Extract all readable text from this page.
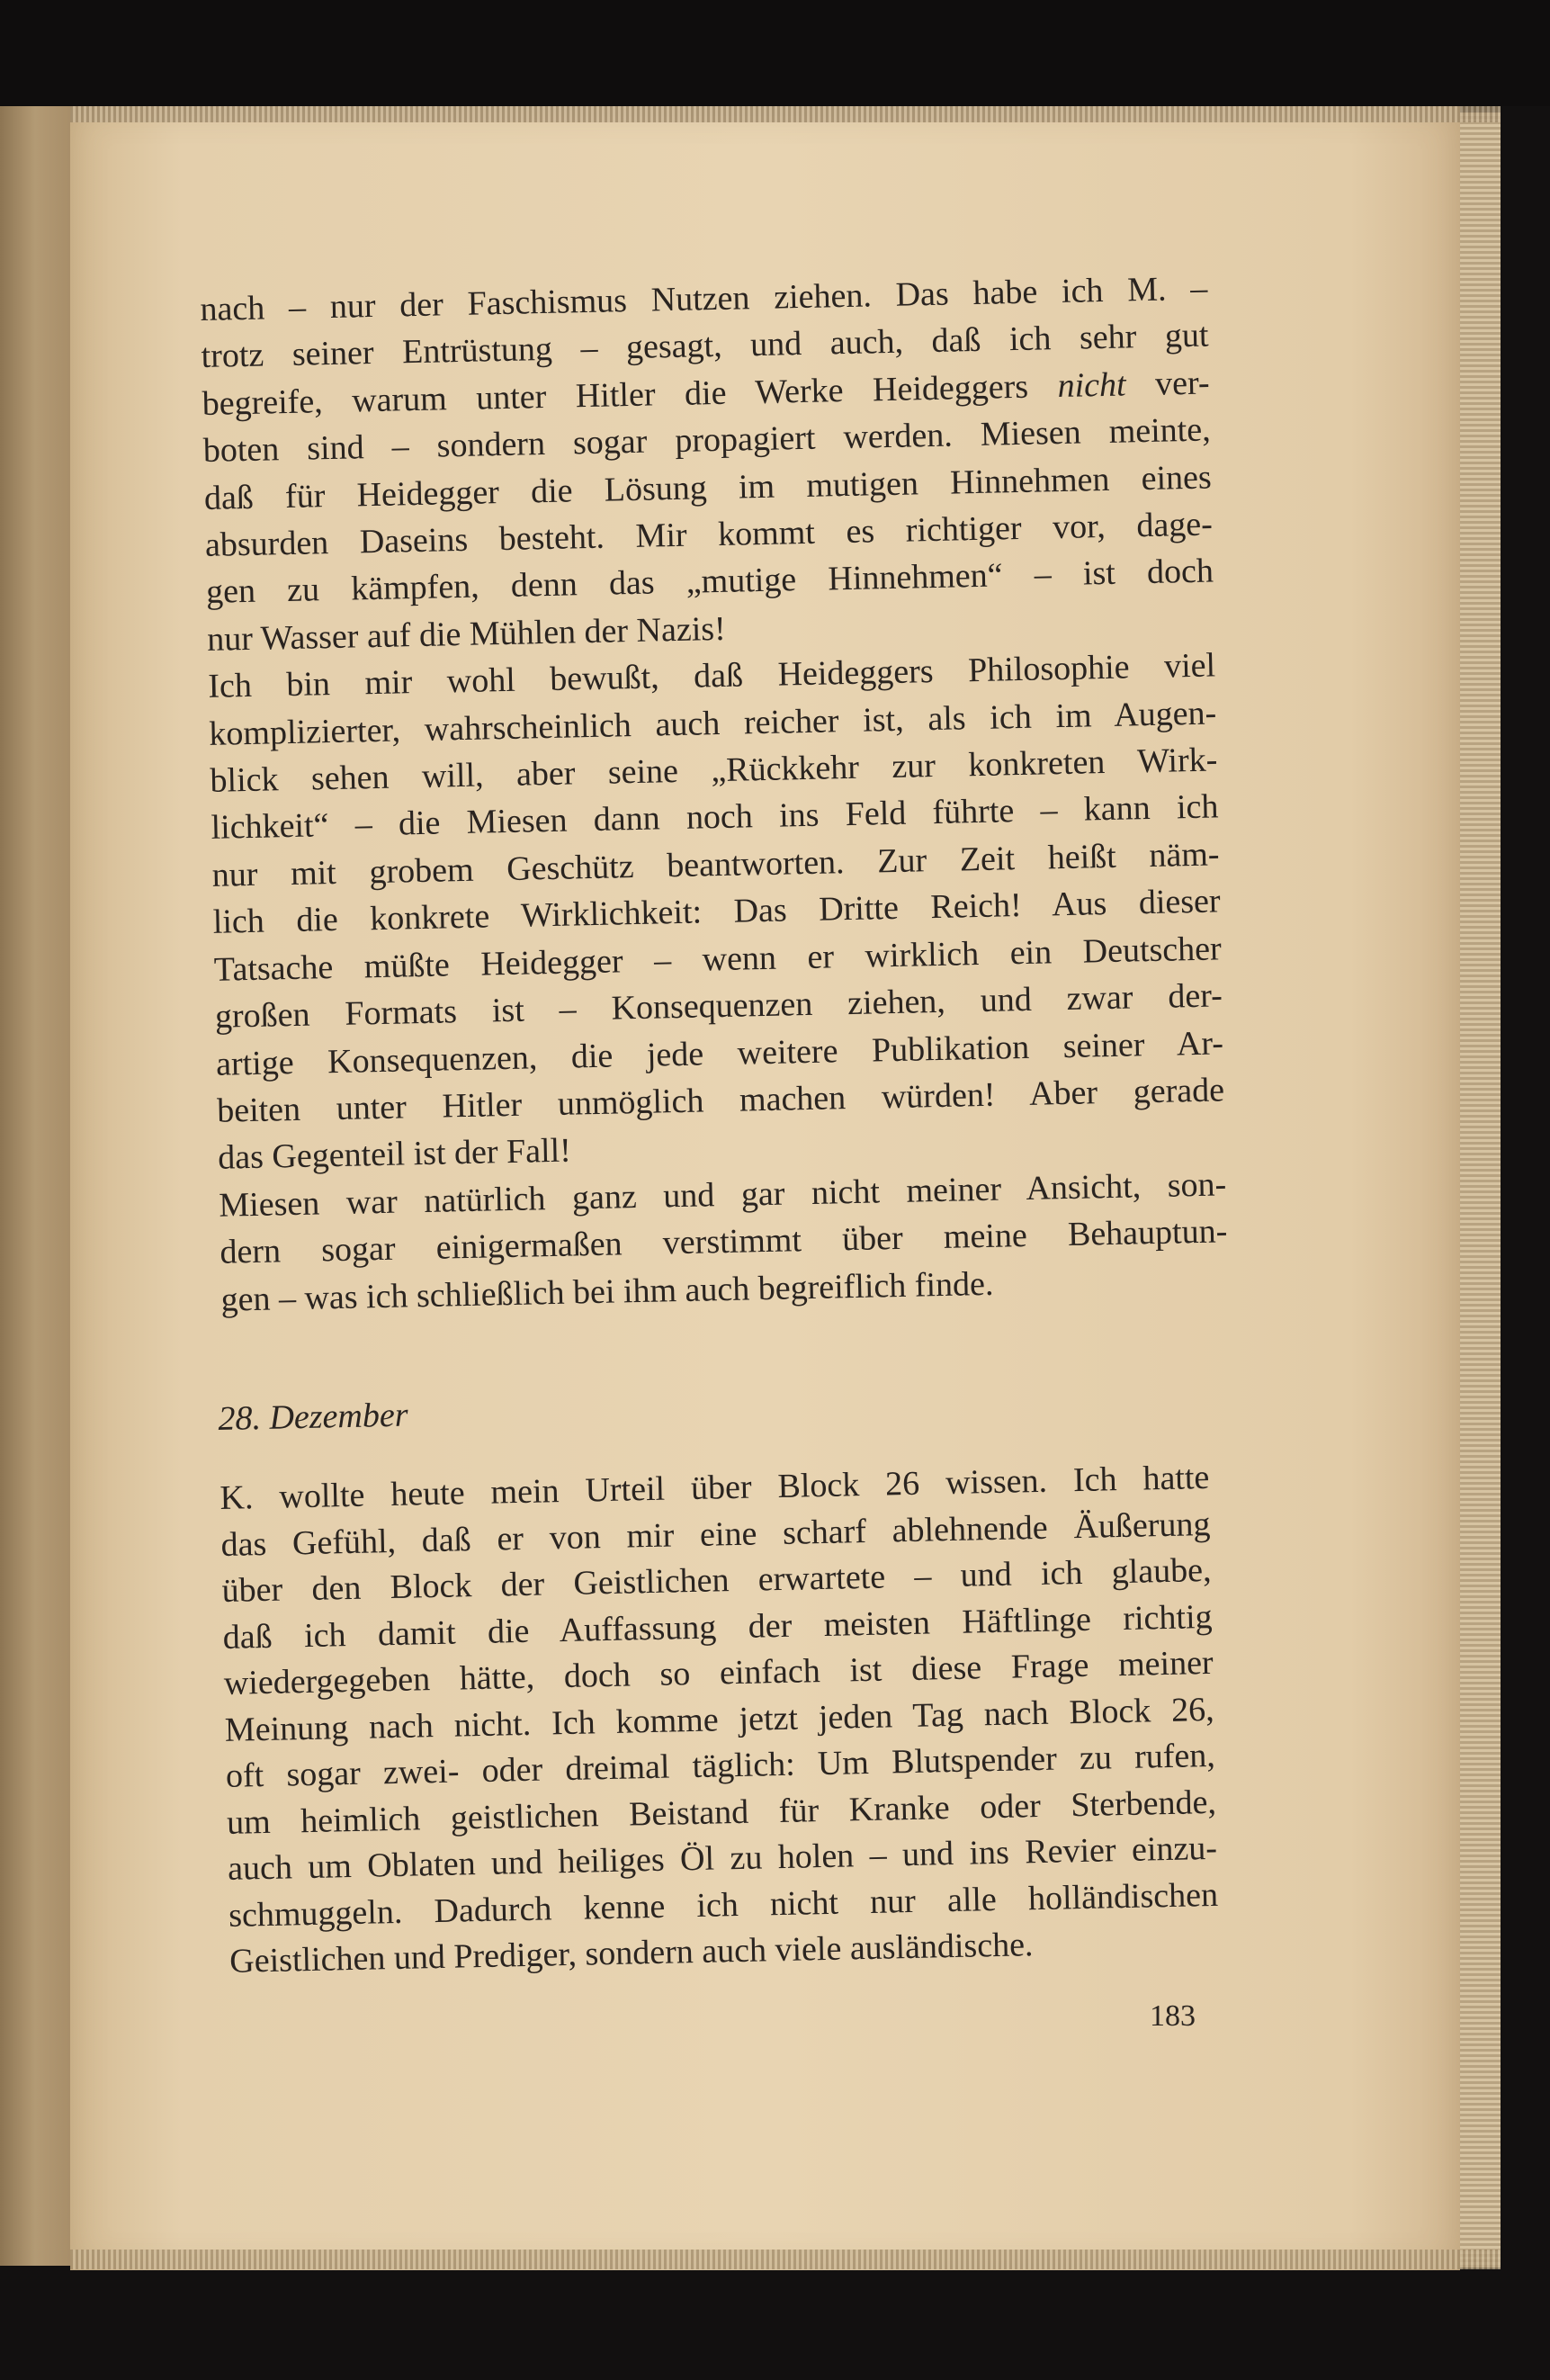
nach – nur der Faschismus Nutzen ziehen. Das habe ich M. –
trotz seiner Entrüstung – gesagt, und auch, daß ich sehr gut
begreife, warum unter Hitler die Werke Heideggers nicht ver-
boten sind – sondern sogar propagiert werden. Miesen meinte,
daß für Heidegger die Lösung im mutigen Hinnehmen eines
absurden Daseins besteht. Mir kommt es richtiger vor, dage-
gen zu kämpfen, denn das „mutige Hinnehmen“ – ist doch
nur Wasser auf die Mühlen der Nazis!
Ich bin mir wohl bewußt, daß Heideggers Philosophie viel
komplizierter, wahrscheinlich auch reicher ist, als ich im Augen-
blick sehen will, aber seine „Rückkehr zur konkreten Wirk-
lichkeit“ – die Miesen dann noch ins Feld führte – kann ich
nur mit grobem Geschütz beantworten. Zur Zeit heißt näm-
lich die konkrete Wirklichkeit: Das Dritte Reich! Aus dieser
Tatsache müßte Heidegger – wenn er wirklich ein Deutscher
großen Formats ist – Konsequenzen ziehen, und zwar der-
artige Konsequenzen, die jede weitere Publikation seiner Ar-
beiten unter Hitler unmöglich machen würden! Aber gerade
das Gegenteil ist der Fall!
Miesen war natürlich ganz und gar nicht meiner Ansicht, son-
dern sogar einigermaßen verstimmt über meine Behauptun-
gen – was ich schließlich bei ihm auch begreiflich finde.
28. Dezember
K. wollte heute mein Urteil über Block 26 wissen. Ich hatte
das Gefühl, daß er von mir eine scharf ablehnende Äußerung
über den Block der Geistlichen erwartete – und ich glaube,
daß ich damit die Auffassung der meisten Häftlinge richtig
wiedergegeben hätte, doch so einfach ist diese Frage meiner
Meinung nach nicht. Ich komme jetzt jeden Tag nach Block 26,
oft sogar zwei- oder dreimal täglich: Um Blutspender zu rufen,
um heimlich geistlichen Beistand für Kranke oder Sterbende,
auch um Oblaten und heiliges Öl zu holen – und ins Revier einzu-
schmuggeln. Dadurch kenne ich nicht nur alle holländischen
Geistlichen und Prediger, sondern auch viele ausländische.
183
